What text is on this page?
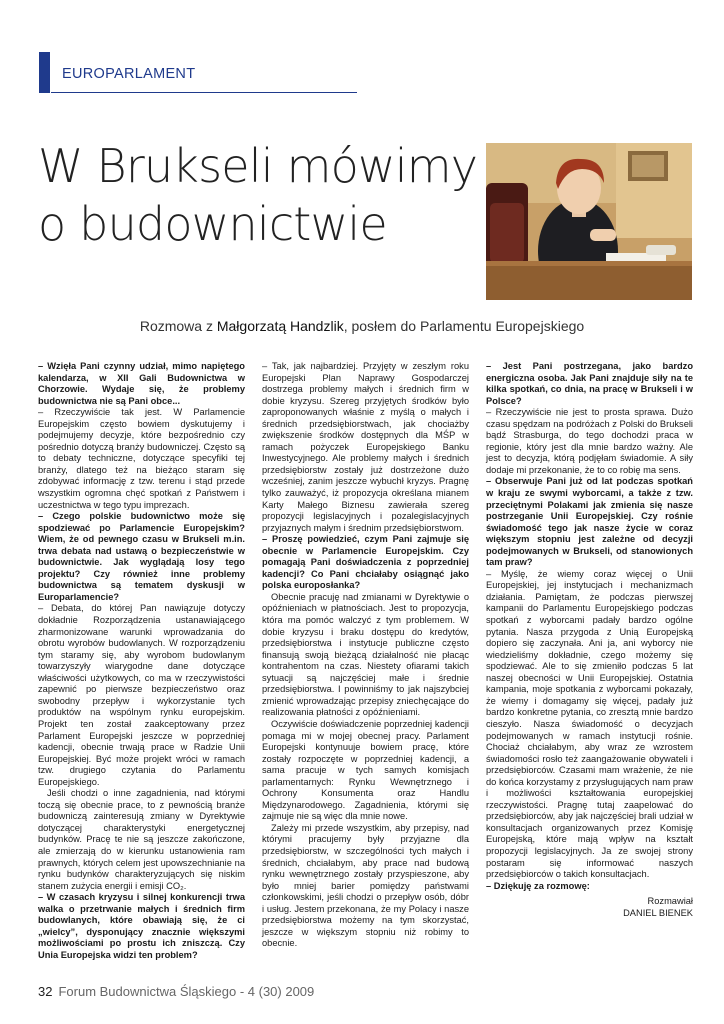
EUROPARLAMENT
W Brukseli mówimy
o budownictwie
Rozmowa z Małgorzatą Handzlik, posłem do Parlamentu Europejskiego

– Wzięła Pani czynny udział, mimo napiętego kalendarza, w XII Gali Budownictwa w Chorzowie. Wydaje się, że problemy budownictwa nie są Pani obce...

– Rzeczywiście tak jest. W Parlamencie Europejskim często bowiem dyskutujemy i podejmujemy decyzje, które bezpośrednio czy pośrednio dotyczą branży budowniczej. Często są to debaty techniczne, dotyczące specyfiki tej branży, dlatego też na bieżąco staram się zdobywać informację z tzw. terenu i stąd przede wszystkim ogromna chęć spotkań z Państwem i uczestnictwa w tego typu imprezach.

– Czego polskie budownictwo może się spodziewać po Parlamencie Europejskim? Wiem, że od pewnego czasu w Brukseli m.in. trwa debata nad ustawą o bezpieczeństwie w budownictwie. Jak wyglądają losy tego projektu? Czy również inne problemy budownictwa są tematem dyskusji w Europarlamencie?

– Debata, do której Pan nawiązuje dotyczy dokładnie Rozporządzenia ustanawiającego zharmonizowane warunki wprowadzania do obrotu wyrobów budowlanych. W rozporządzeniu tym staramy się, aby wyrobom budowlanym towarzyszyły wiarygodne dane dotyczące właściwości użytkowych, co ma w rzeczywistości zapewnić po pierwsze bezpieczeństwo oraz swobodny przepływ i wykorzystanie tych produktów na wspólnym rynku europejskim. Projekt ten został zaakceptowany przez Parlament Europejski jeszcze w poprzedniej kadencji, obecnie trwają prace w Radzie Unii Europejskiej. Być może projekt wróci w ramach tzw. drugiego czytania do Parlamentu Europejskiego.

Jeśli chodzi o inne zagadnienia, nad którymi toczą się obecnie prace, to z pewnością branże budowniczą zainteresują zmiany w Dyrektywie dotyczącej charakterystyki energetycznej budynków. Pracę te nie są jeszcze zakończone, ale zmierzają do w kierunku ustanowienia ram prawnych, których celem jest upowszechnianie na rynku budynków charakteryzujących się niskim stanem zużycia energii i emisji CO₂.

– W czasach kryzysu i silnej konkurencji trwa walka o przetrwanie małych i średnich firm budowlanych, które obawiają się, że ci „wielcy”, dysponujący znacznie większymi możliwościami po prostu ich zniszczą. Czy Unia Europejska widzi ten problem?

– Tak, jak najbardziej. Przyjęty w zeszłym roku Europejski Plan Naprawy Gospodarczej dostrzega problemy małych i średnich firm w dobie kryzysu. Szereg przyjętych środków było zaproponowanych właśnie z myślą o małych i średnich przedsiębiorstwach, jak chociażby zwiększenie środków dostępnych dla MŚP w ramach pożyczek Europejskiego Banku Inwestycyjnego. Ale problemy małych i średnich przedsiębiorstw zostały już dostrzeżone dużo wcześniej, zanim jeszcze wybuchł kryzys. Pragnę tylko zauważyć, iż propozycja określana mianem Karty Małego Biznesu zawierała szereg propozycji legislacyjnych i pozalegislacyjnych przyjaznych małym i średnim przedsiębiorstwom.

– Proszę powiedzieć, czym Pani zajmuje się obecnie w Parlamencie Europejskim. Czy pomagają Pani doświadczenia z poprzedniej kadencji? Co Pani chciałaby osiągnąć jako polska europosłanka?

Obecnie pracuję nad zmianami w Dyrektywie o opóźnieniach w płatnościach. Jest to propozycja, która ma pomóc walczyć z tym problemem. W dobie kryzysu i braku dostępu do kredytów, przedsiębiorstwa i instytucje publiczne często finansują swoją bieżącą działalność nie płacąc kontrahentom na czas. Niestety ofiarami takich sytuacji są najczęściej małe i średnie przedsiębiorstwa. I powinniśmy to jak najszybciej zmienić wprowadzając przepisy zniechęcające do realizowania płatności z opóźnieniami.

Oczywiście doświadczenie poprzedniej kadencji pomaga mi w mojej obecnej pracy. Parlament Europejski kontynuuje bowiem pracę, które zostały rozpoczęte w poprzedniej kadencji, a sama pracuje w tych samych komisjach parlamentarnych: Rynku Wewnętrznego i Ochrony Konsumenta oraz Handlu Międzynarodowego. Zagadnienia, którymi się zajmuje nie są więc dla mnie nowe.

Zależy mi przede wszystkim, aby przepisy, nad którymi pracujemy były przyjazne dla przedsiębiorstw, w szczególności tych małych i średnich, chciałabym, aby prace nad budową rynku wewnętrznego zostały przyspieszone, aby było mniej barier pomiędzy państwami członkowskimi, jeśli chodzi o przepływ osób, dóbr i usług. Jestem przekonana, że my Polacy i nasze przedsiębiorstwa możemy na tym skorzystać, jeszcze w większym stopniu niż robimy to obecnie.

– Jest Pani postrzegana, jako bardzo energiczna osoba. Jak Pani znajduje siły na te kilka spotkań, co dnia, na pracę w Brukseli i w Polsce?

– Rzeczywiście nie jest to prosta sprawa. Dużo czasu spędzam na podróżach z Polski do Brukseli bądź Strasburga, do tego dochodzi praca w regionie, który jest dla mnie bardzo ważny. Ale jest to decyzja, którą podjęłam świadomie. A siły dodaje mi przekonanie, że to co robię ma sens.

– Obserwuje Pani już od lat podczas spotkań w kraju ze swymi wyborcami, a także z tzw. przeciętnymi Polakami jak zmienia się nasze postrzeganie Unii Europejskiej. Czy rośnie świadomość tego jak nasze życie w coraz większym stopniu jest zależne od decyzji podejmowanych w Brukseli, od stanowionych tam praw?

– Myślę, że wiemy coraz więcej o Unii Europejskiej, jej instytucjach i mechanizmach działania. Pamiętam, że podczas pierwszej kampanii do Parlamentu Europejskiego podczas spotkań z wyborcami padały bardzo ogólne pytania. Nasza przygoda z Unią Europejską dopiero się zaczynała. Ani ja, ani wyborcy nie wiedzieliśmy dokładnie, czego możemy się spodziewać. Ale to się zmieniło podczas 5 lat naszej obecności w Unii Europejskiej. Ostatnia kampania, moje spotkania z wyborcami pokazały, że wiemy i domagamy się więcej, padały już bardzo konkretne pytania, co zresztą mnie bardzo cieszyło. Nasza świadomość o decyzjach podejmowanych w ramach instytucji rośnie. Chociaż chciałabym, aby wraz ze wzrostem świadomości rosło też zaangażowanie obywateli i przedsiębiorców. Czasami mam wrażenie, że nie do końca korzystamy z przysługujących nam praw i możliwości kształtowania europejskiej rzeczywistości. Pragnę tutaj zaapelować do przedsiębiorców, aby jak najczęściej brali udział w konsultacjach organizowanych przez Komisję Europejską, które mają wpływ na kształt propozycji legislacyjnych. Ja ze swojej strony postaram się informować naszych przedsiębiorców o takich konsultacjach.

– Dziękuję za rozmowę:

Rozmawiał

DANIEL BIENEK

32 Forum Budownictwa Śląskiego - 4 (30) 2009
